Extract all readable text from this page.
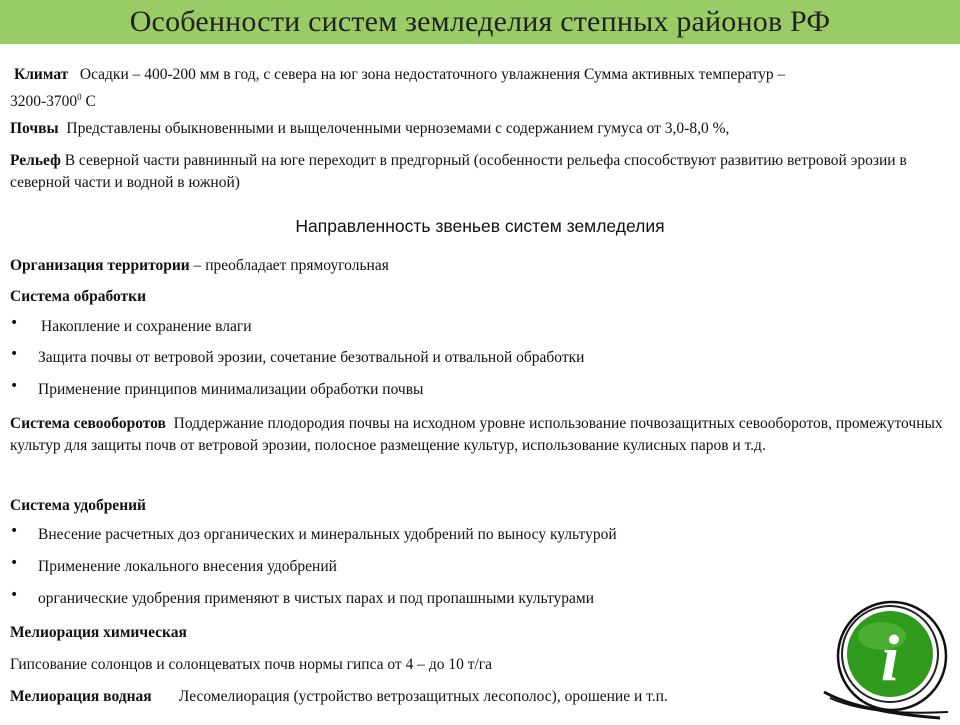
Особенности систем земледелия степных районов РФ
Климат Осадки – 400-200 мм в год, с севера на юг зона недостаточного увлажнения Сумма активных температур –
3200-3700$^0$ С
Почвы Представлены обыкновенными и выщелоченными черноземами с содержанием гумуса от 3,0-8,0 %,
Рельеф В северной части равнинный на юге переходит в предгорный (особенности рельефа способствуют развитию ветровой эрозии в северной части и водной в южной)
Направленность звеньев систем земледелия
Организация территории – преобладает прямоугольная
Система обработки
• Накопление и сохранение влаги
• Защита почвы от ветровой эрозии, сочетание безотвальной и отвальной обработки
• Применение принципов минимализации обработки почвы
Система севооборотов Поддержание плодородия почвы на исходном уровне использование почвозащитных севооборотов, промежуточных культур для защиты почв от ветровой эрозии, полосное размещение культур, использование кулисных паров и т.д.
Система удобрений
• Внесение расчетных доз органических и минеральных удобрений по выносу культурой
• Применение локального внесения удобрений
• органические удобрения применяют в чистых парах и под пропашными культурами
Мелиорация химическая
Гипсование солонцов и солонцеватых почв нормы гипса от 4 – до 10 т/га
Мелиорация водная Лесомелиорация (устройство ветрозащитных лесополос), орошение и т.п.
i
